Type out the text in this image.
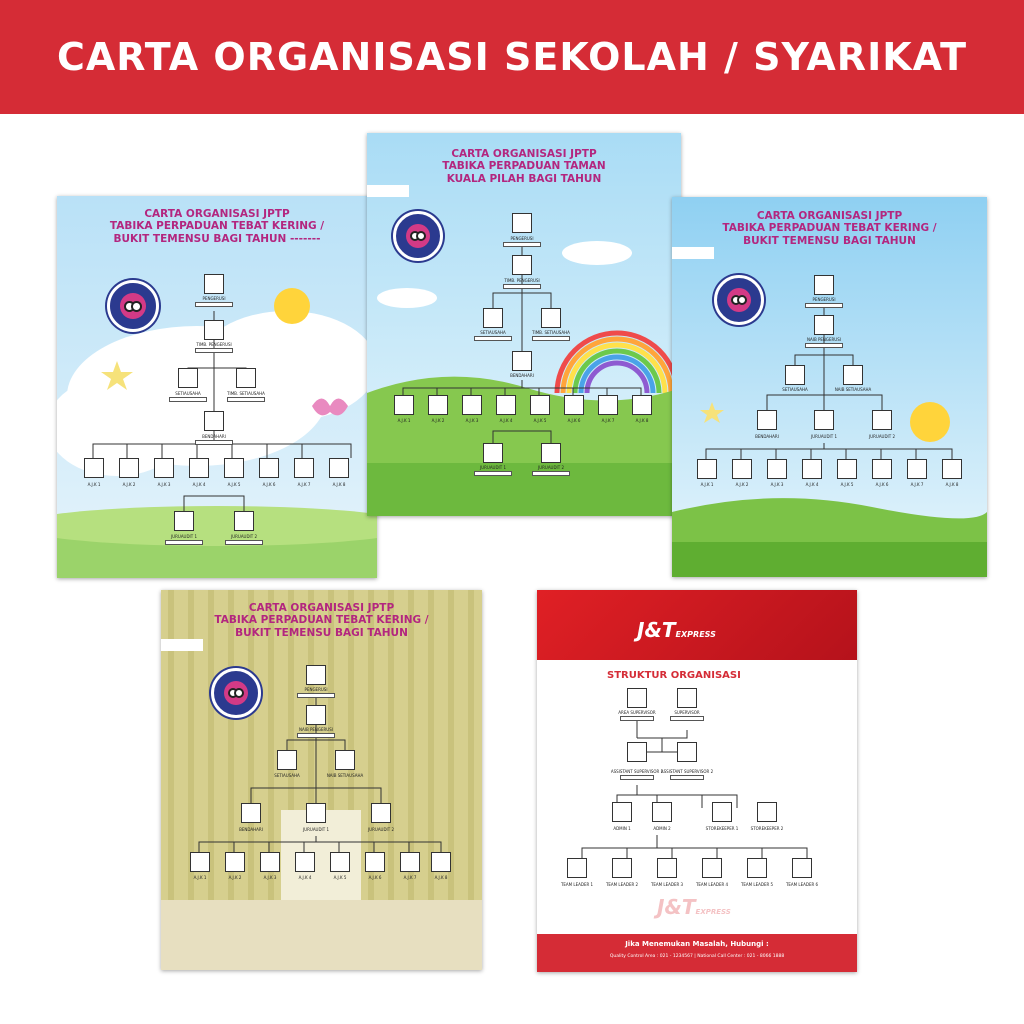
CARTA ORGANISASI SEKOLAH / SYARIKAT
CARTA ORGANISASI JPTP
TABIKA PERPADUAN TEBAT KERING /
BUKIT TEMENSU BAGI TAHUN -------
PENGERUSI
TIMB. PENGERUSI
SETIAUSAHA	TIMB. SETIAUSAHA
BENDAHARI
A.J.K 1	A.J.K 2	A.J.K 3	A.J.K 4	A.J.K 5	A.J.K 6	A.J.K 7	A.J.K 8
JURUAUDIT 1	JURUAUDIT 2
CARTA ORGANISASI JPTP
TABIKA PERPADUAN TAMAN
KUALA PILAH BAGI TAHUN
PENGERUSI
TIMB. PENGERUSI
SETIAUSAHA	TIMB. SETIAUSAHA
BENDAHARI
A.J.K 1	A.J.K 2	A.J.K 3	A.J.K 4	A.J.K 5	A.J.K 6	A.J.K 7	A.J.K 8
JURUAUDIT 1	JURUAUDIT 2
CARTA ORGANISASI JPTP
TABIKA PERPADUAN TEBAT KERING /
BUKIT TEMENSU BAGI TAHUN
PENGERUSI
NAIB PENGERUSI
SETIAUSAHA	NAIB SETIAUSAHA
BENDAHARI	JURUAUDIT 1	JURUAUDIT 2
A.J.K 1	A.J.K 2	A.J.K 3	A.J.K 4	A.J.K 5	A.J.K 6	A.J.K 7	A.J.K 8
CARTA ORGANISASI JPTP
TABIKA PERPADUAN TEBAT KERING /
BUKIT TEMENSU BAGI TAHUN
PENGERUSI
NAIB PENGERUSI
SETIAUSAHA	NAIB SETIAUSAHA
BENDAHARI	JURUAUDIT 1	JURUAUDIT 2
A.J.K 1	A.J.K 2	A.J.K 3	A.J.K 4	A.J.K 5	A.J.K 6	A.J.K 7	A.J.K 8
J&TEXPRESS
STRUKTUR ORGANISASI
J&TEXPRESS
AREA SUPERVISOR	SUPERVISOR
ASSISTANT SUPERVISOR 1
ASSISTANT SUPERVISOR 2
ADMIN 1	ADMIN 2	STOREKEEPER 1	STOREKEEPER 2
TEAM LEADER 1	TEAM LEADER 2	TEAM LEADER 3	TEAM LEADER 4	TEAM LEADER 5	TEAM LEADER 6
Jika Menemukan Masalah, Hubungi :
Quality Control Area : 021 - 1234567 | National Call Center : 021 - 8066 1888
